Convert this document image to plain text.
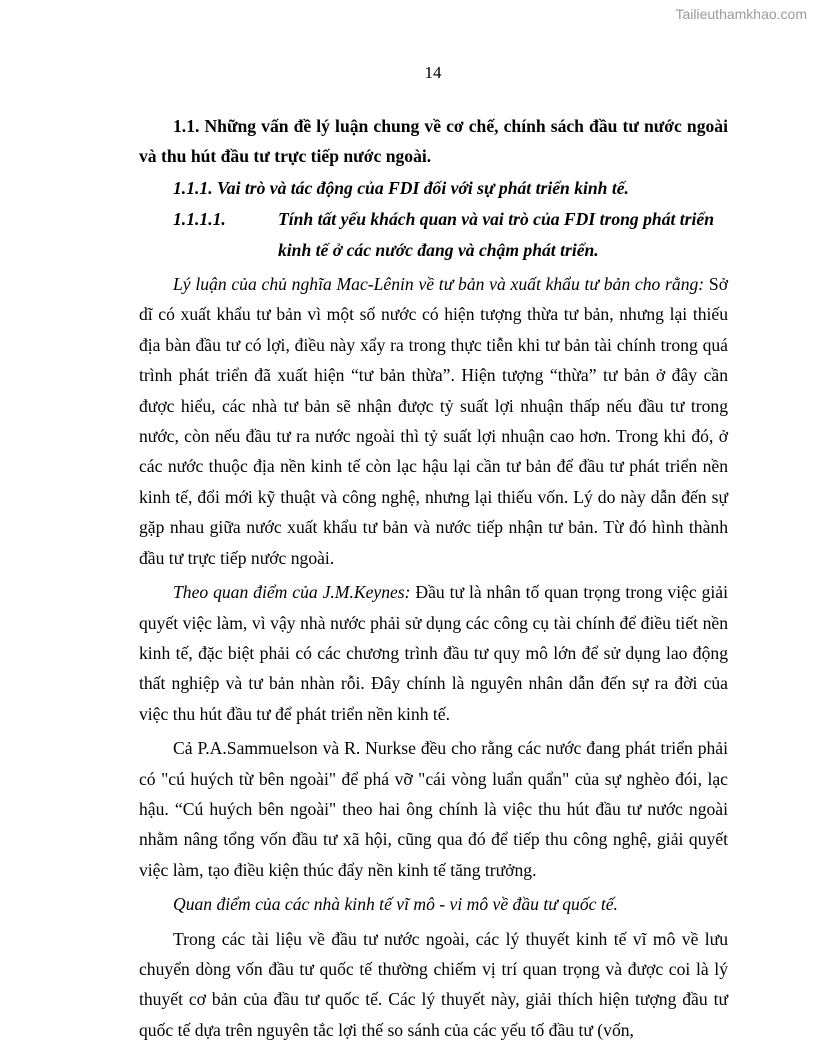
Tailieuthamkhao.com
14

1.1. Những vấn đề lý luận chung về cơ chế, chính sách đầu tư nước ngoài và thu hút đầu tư trực tiếp nước ngoài.

1.1.1. Vai trò và tác động của FDI đối với sự phát triển kinh tế.

1.1.1.1.	Tính tất yếu khách quan và vai trò của FDI trong phát triển kinh tế ở các nước đang và chậm phát triển.

Lý luận của chủ nghĩa Mac-Lênin về tư bản và xuất khẩu tư bản cho rằng: Sở dĩ có xuất khẩu tư bản vì một số nước có hiện tượng thừa tư bản, nhưng lại thiếu địa bàn đầu tư có lợi, điều này xẩy ra trong thực tiễn khi tư bản tài chính trong quá trình phát triển đã xuất hiện “tư bản thừa”. Hiện tượng “thừa” tư bản ở đây cần được hiểu, các nhà tư bản sẽ nhận được tỷ suất lợi nhuận thấp nếu đầu tư trong nước, còn nếu đầu tư ra nước ngoài thì tỷ suất lợi nhuận cao hơn. Trong khi đó, ở các nước thuộc địa nền kinh tế còn lạc hậu lại cần tư bản để đầu tư phát triển nền kinh tế, đổi mới kỹ thuật và công nghệ, nhưng lại thiếu vốn. Lý do này dẫn đến sự gặp nhau giữa nước xuất khẩu tư bản và nước tiếp nhận tư bản. Từ đó hình thành đầu tư trực tiếp nước ngoài.

Theo quan điểm của J.M.Keynes: Đầu tư là nhân tố quan trọng trong việc giải quyết việc làm, vì vậy nhà nước phải sử dụng các công cụ tài chính để điều tiết nền kinh tế, đặc biệt phải có các chương trình đầu tư quy mô lớn để sử dụng lao động thất nghiệp và tư bản nhàn rỗi. Đây chính là nguyên nhân dẫn đến sự ra đời của việc thu hút đầu tư để phát triển nền kinh tế.

Cả P.A.Sammuelson và R. Nurkse đều cho rằng các nước đang phát triển phải có "cú huých từ bên ngoài" để phá vỡ "cái vòng luẩn quẩn" của sự nghèo đói, lạc hậu. “Cú huých bên ngoài" theo hai ông chính là việc thu hút đầu tư nước ngoài nhằm nâng tổng vốn đầu tư xã hội, cũng qua đó để tiếp thu công nghệ, giải quyết việc làm, tạo điều kiện thúc đẩy nền kinh tế tăng trưởng.

Quan điểm của các nhà kinh tế vĩ mô - vi mô về đầu tư quốc tế.

Trong các tài liệu về đầu tư nước ngoài, các lý thuyết kinh tế vĩ mô về lưu chuyển dòng vốn đầu tư quốc tế thường chiếm vị trí quan trọng và được coi là lý thuyết cơ bản của đầu tư quốc tế. Các lý thuyết này, giải thích hiện tượng đầu tư quốc tế dựa trên nguyên tắc lợi thế so sánh của các yếu tố đầu tư (vốn,
